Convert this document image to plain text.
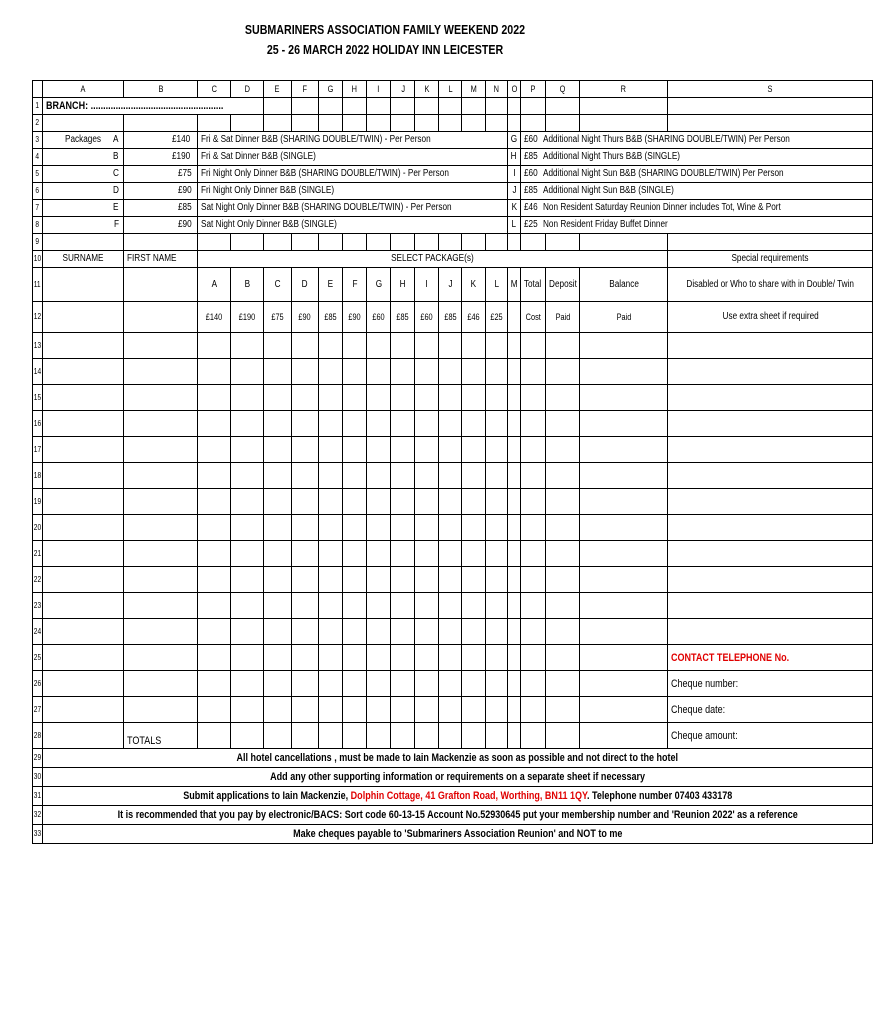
SUBMARINERS ASSOCIATION FAMILY WEEKEND 2022
25 - 26 MARCH 2022 HOLIDAY INN LEICESTER
	A	B	C	D	E	F	G	H	I	J	K	L	M	N	O	P	Q	R	S
1	BRANCH: .....................................................																		
2																			
3	Packages A	£140	Fri & Sat Dinner B&B (SHARING DOUBLE/TWIN) - Per Person												G	£60 Additional Night Thurs B&B (SHARING DOUBLE/TWIN) Per Person			
4	B	£190	Fri & Sat Dinner B&B (SINGLE)												H	£85 Additional Night Thurs B&B (SINGLE)			
5	C	£75	Fri Night Only Dinner B&B (SHARING DOUBLE/TWIN) - Per Person												I	£60 Additional Night Sun B&B (SHARING DOUBLE/TWIN) Per Person			
6	D	£90	Fri Night Only Dinner B&B (SINGLE)												J	£85 Additional Night Sun B&B (SINGLE)			
7	E	£85	Sat Night Only Dinner B&B (SHARING DOUBLE/TWIN) - Per Person												K	£46 Non Resident Saturday Reunion Dinner includes Tot, Wine & Port			
8	F	£90	Sat Night Only Dinner B&B (SINGLE)												L	£25 Non Resident Friday Buffet Dinner			
9																			
10	SURNAME	FIRST NAME	SELECT PACKAGE(s)																Special requirements
11			A	B	C	D	E	F	G	H	I	J	K	L	M	Total	Deposit	Balance	Disabled or Who to share with in Double/ Twin
12			£140	£190	£75	£90	£85	£90	£60	£85	£60	£85	£46	£25		Cost	Paid	Paid	Use extra sheet if required
13																			
14																			
15																			
16																			
17																			
18																			
19																			
20																			
21																			
22																			
23																			
24																			
25																			CONTACT TELEPHONE No.
26																			Cheque number:
27																			Cheque date:
28		TOTALS																	Cheque amount:
29	All hotel cancellations , must be made to Iain Mackenzie as soon as possible and not direct to the hotel																		
30	Add any other supporting information or requirements on a separate sheet if necessary																		
31	Submit applications to Iain Mackenzie, Dolphin Cottage, 41 Grafton Road, Worthing, BN11 1QY. Telephone number 07403 433178																		
32	It is recommended that you pay by electronic/BACS: Sort code 60-13-15 Account No.52930645 put your membership number and 'Reunion 2022' as a reference																		
33	Make cheques payable to 'Submariners Association Reunion' and NOT to me																		
